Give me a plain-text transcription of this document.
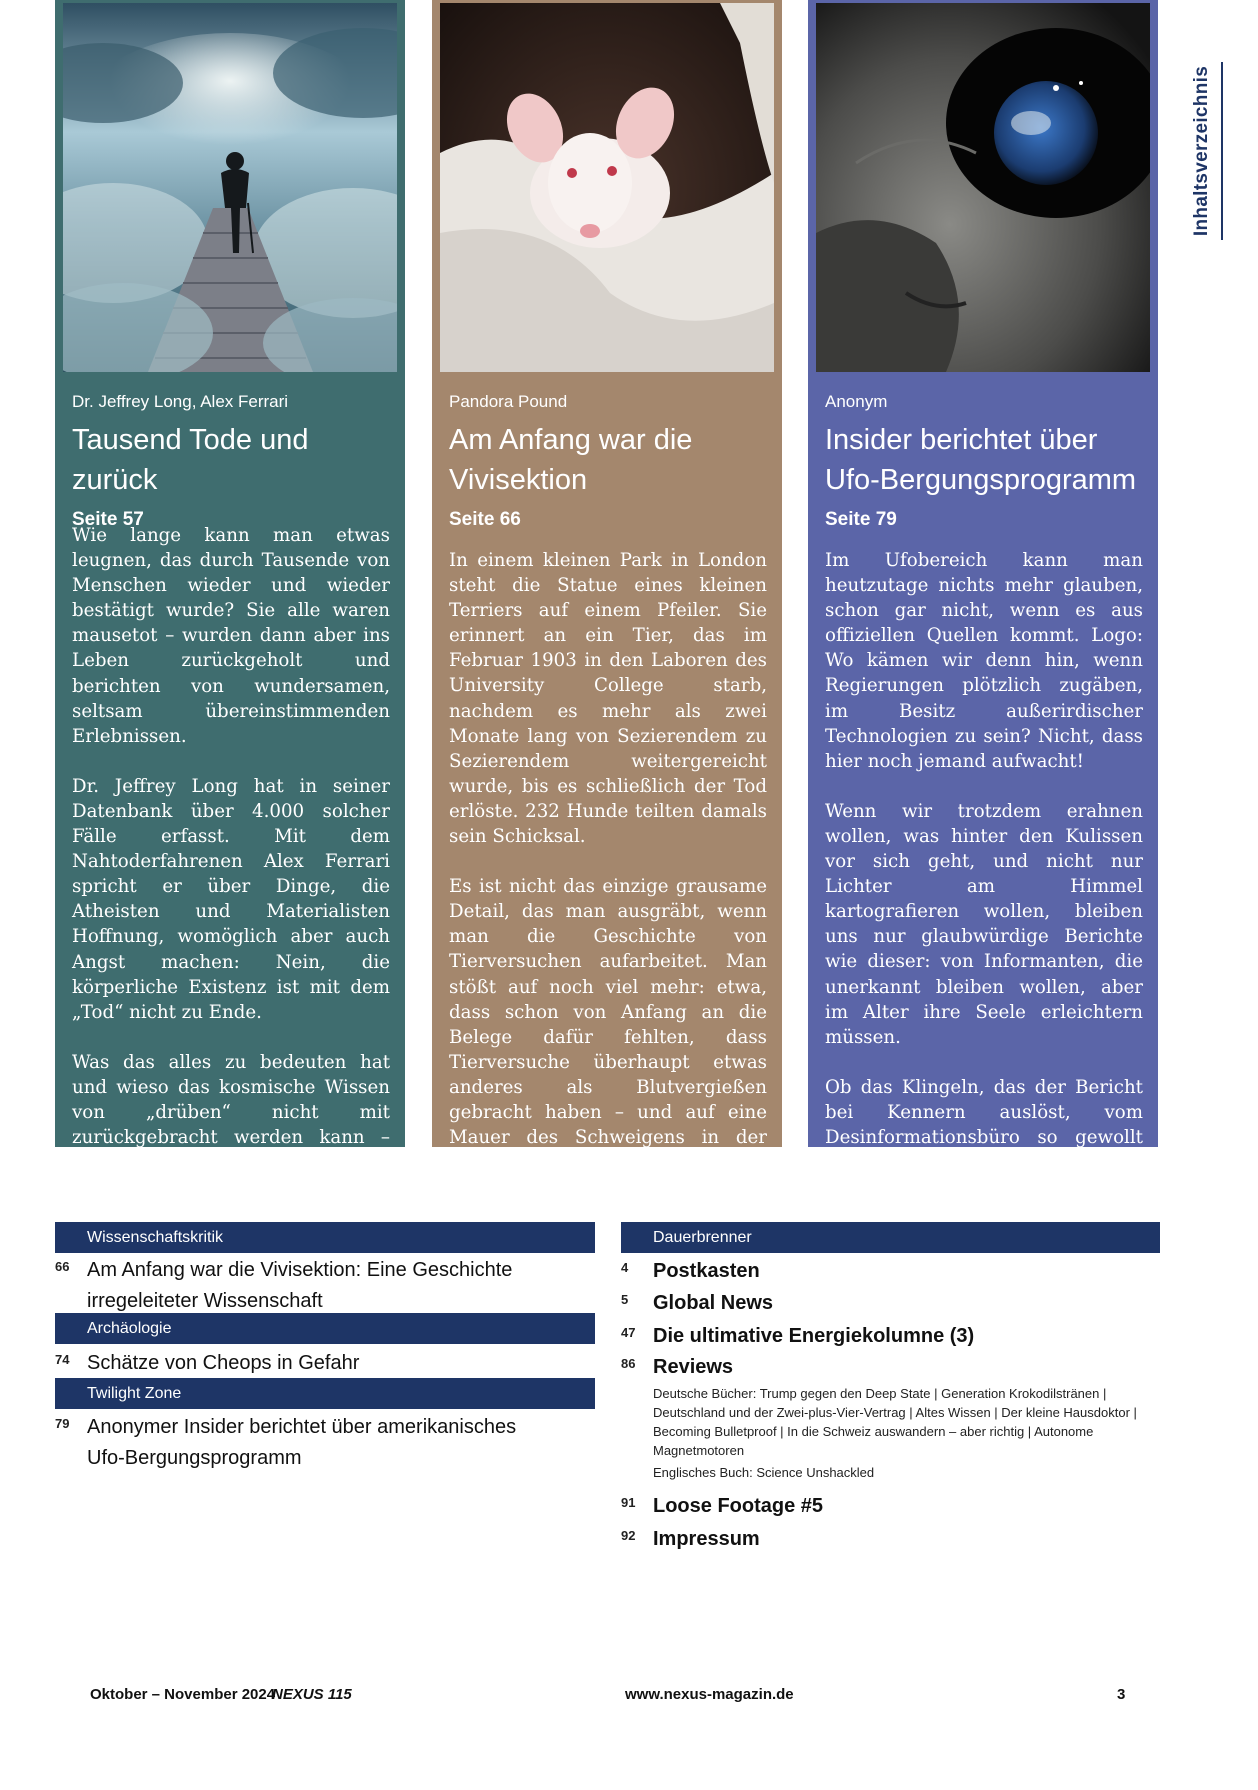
Inhaltsverzeichnis
Dr. Jeffrey Long, Alex Ferrari
Tausend Tode und zurück
Seite 57

Wie lange kann man etwas leugnen, das durch Tausende von Menschen wieder und wieder bestätigt wurde? Sie alle waren mausetot – wurden dann aber ins Leben zurückgeholt und berichten von wundersamen, seltsam übereinstimmenden Erlebnissen.

Dr. Jeffrey Long hat in seiner Datenbank über 4.000 solcher Fälle erfasst. Mit dem Nahtoderfahrenen Alex Ferrari spricht er über Dinge, die Atheisten und Materialisten Hoffnung, womöglich aber auch Angst machen: Nein, die körperliche Existenz ist mit dem „Tod“ nicht zu Ende.

Was das alles zu bedeuten hat und wieso das kosmische Wissen von „drüben“ nicht mit zurückgebracht werden kann – das ist eine Nuss, die noch zu knacken ist.

Pandora Pound
Am Anfang war die Vivisektion
Seite 66

In einem kleinen Park in London steht die Statue eines kleinen Terriers auf einem Pfeiler. Sie erinnert an ein Tier, das im Februar 1903 in den Laboren des University College starb, nachdem es mehr als zwei Monate lang von Sezierendem zu Sezierendem weitergereicht wurde, bis es schließlich der Tod erlöste. 232 Hunde teilten damals sein Schicksal.

Es ist nicht das einzige grausame Detail, das man ausgräbt, wenn man die Geschichte von Tierversuchen aufarbeitet. Man stößt auf noch viel mehr: etwa, dass schon von Anfang an die Belege dafür fehlten, dass Tierversuche überhaupt etwas anderes als Blutvergießen gebracht haben – und auf eine Mauer des Schweigens in der Medizin.

Anonym
Insider berichtet über Ufo-Bergungsprogramm
Seite 79

Im Ufobereich kann man heutzutage nichts mehr glauben, schon gar nicht, wenn es aus offiziellen Quellen kommt. Logo: Wo kämen wir denn hin, wenn Regierungen plötzlich zugäben, im Besitz außerirdischer Technologien zu sein? Nicht, dass hier noch jemand aufwacht!

Wenn wir trotzdem erahnen wollen, was hinter den Kulissen vor sich geht, und nicht nur Lichter am Himmel kartografieren wollen, bleiben uns nur glaubwürdige Berichte wie dieser: von Informanten, die unerkannt bleiben wollen, aber im Alter ihre Seele erleichtern müssen.

Ob das Klingeln, das der Bericht bei Kennern auslöst, vom Desinformationsbüro so gewollt ist?

Wissenschaftskritik
66 Am Anfang war die Vivisektion: Eine Geschichte
irregeleiteter Wissenschaft
Archäologie
74 Schätze von Cheops in Gefahr
Twilight Zone
79 Anonymer Insider berichtet über amerikanisches
Ufo-Bergungsprogramm
Dauerbrenner
4 Postkasten
5 Global News
47 Die ultimative Energiekolumne (3)
86 Reviews
Deutsche Bücher: Trump gegen den Deep State | Generation Krokodilstränen | Deutschland und der Zwei-plus-Vier-Vertrag | Altes Wissen | Der kleine Hausdoktor | Becoming Bulletproof | In die Schweiz auswandern – aber richtig | Autonome Magnetmotoren
Englisches Buch: Science Unshackled
91 Loose Footage #5
92 Impressum
Oktober – November 2024
NEXUS 115	www.nexus-magazin.de	3
